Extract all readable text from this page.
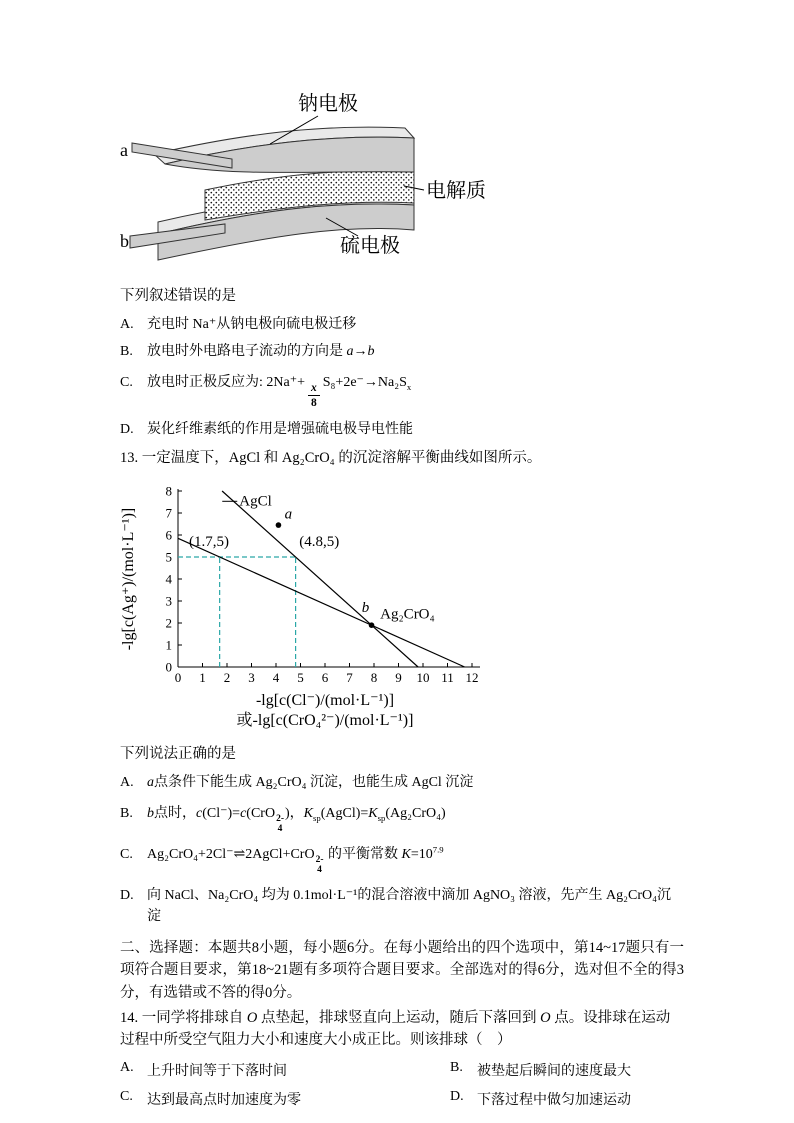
钠电极
电解质
硫电极
a
b
下列叙述错误的是
A. 充电时 Na⁺从钠电极向硫电极迁移
B.	放电时外电路电子流动的方向是 a→b
C.	放电时正极反应为: $2Na^++ \frac{x}{8} S_8+2e^-\to Na_2S_x$
D. 炭化纤维素纸的作用是增强硫电极导电性能
13. 一定温度下，AgCl 和 Ag₂CrO₄ 的沉淀溶解平衡曲线如图所示。
0 1 2 3 4 5 6 7 8 9 10 11 12
0
1
2
3
4
5
6
7
8
AgCl
a
(1.7,5)	(4.8,5)
b Ag₂CrO₄
-lg[c(Ag⁺)/(mol·L⁻¹)]
-lg[c(Cl⁻)/(mol·L⁻¹)]
或-lg[c(CrO₄²⁻)/(mol·L⁻¹)]
下列说法正确的是
A. a点条件下能生成 Ag₂CrO₄ 沉淀，也能生成 AgCl 沉淀
B.	b点时，c(Cl⁻)=c(CrO 2-
4
)，$K_{sp}(AgCl)=K_{sp}(Ag_2CrO_4)$
C.	Ag₂CrO₄+2Cl⁻⇌2AgCl+CrO 2-
4
的平衡常数 $K=10^{7.9}$
D. 向 NaCl、Na₂CrO₄ 均为 0.1mol·L⁻¹的混合溶液中滴加 AgNO₃ 溶液，先产生 Ag₂CrO₄沉淀

二、选择题：本题共8小题，每小题6分。在每小题给出的四个选项中，第14~17题只有一项符合题目要求，第18~21题有多项符合题目要求。全部选对的得6分，选对但不全的得3分，有选错或不答的得0分。

14. 一同学将排球自 O 点垫起，排球竖直向上运动，随后下落回到 O 点。设排球在运动过程中所受空气阻力大小和速度大小成正比。则该排球（　）
A. 上升时间等于下落时间	B.	被垫起后瞬间的速度最大
C.	达到最高点时加速度为零	D. 下落过程中做匀加速运动
